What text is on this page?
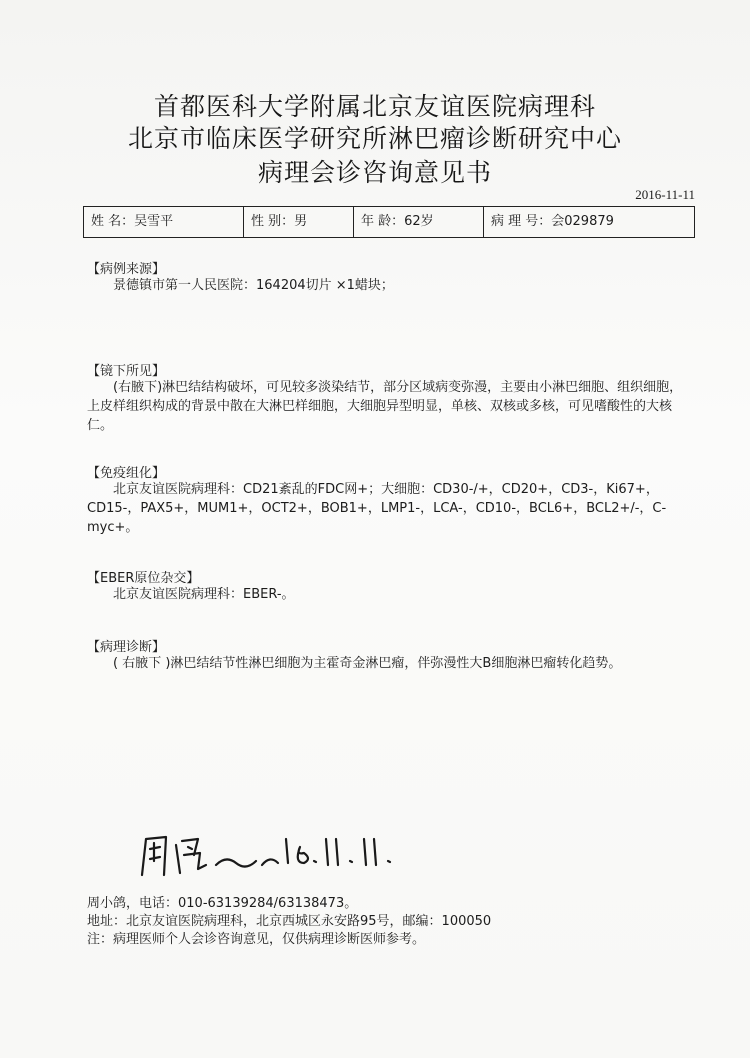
首都医科大学附属北京友谊医院病理科
北京市临床医学研究所淋巴瘤诊断研究中心
病理会诊咨询意见书
2016-11-11
姓 名：吴雪平	性 别：男	年 龄：62岁	病 理 号：会029879
【病例来源】
景德镇市第一人民医院：164204切片 ×1蜡块；
【镜下所见】
(右腋下)淋巴结结构破坏，可见较多淡染结节，部分区域病变弥漫，主要由小淋巴细胞、组织细胞，上皮样组织构成的背景中散在大淋巴样细胞，大细胞异型明显，单核、双核或多核，可见嗜酸性的大核仁。
【免疫组化】
北京友谊医院病理科：CD21紊乱的FDC网+；大细胞：CD30-/+，CD20+，CD3-，Ki67+，CD15-，PAX5+，MUM1+，OCT2+，BOB1+，LMP1-，LCA-，CD10-，BCL6+，BCL2+/-，C-myc+。
【EBER原位杂交】
北京友谊医院病理科：EBER-。
【病理诊断】
( 右腋下 )淋巴结结节性淋巴细胞为主霍奇金淋巴瘤，伴弥漫性大B细胞淋巴瘤转化趋势。
周小鸽，电话：010-63139284/63138473。
地址：北京友谊医院病理科，北京西城区永安路95号，邮编：100050
注：病理医师个人会诊咨询意见，仅供病理诊断医师参考。
